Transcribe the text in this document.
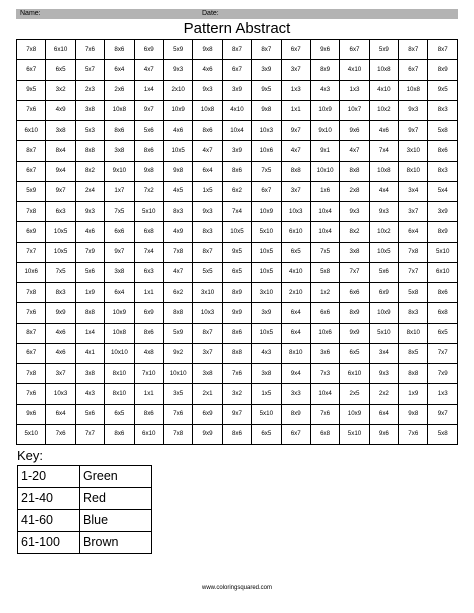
Name:	Date:
Pattern Abstract
7x8	6x10	7x6	8x6	6x9	5x9	9x8	8x7	8x7	6x7	9x6	6x7	5x9	8x7	8x7
6x7	6x5	5x7	6x4	4x7	9x3	4x6	6x7	3x9	3x7	8x9	4x10	10x8	6x7	8x9
9x5	3x2	2x3	2x6	1x4	2x10	9x3	3x9	9x5	1x3	4x3	1x3	4x10	10x8	9x5
7x6	4x9	3x8	10x8	9x7	10x9	10x8	4x10	9x8	1x1	10x9	10x7	10x2	9x3	8x3
6x10	3x8	5x3	8x6	5x6	4x6	8x6	10x4	10x3	9x7	9x10	9x6	4x6	9x7	5x8
8x7	8x4	8x8	3x8	8x6	10x5	4x7	3x9	10x6	4x7	9x1	4x7	7x4	3x10	8x6
6x7	9x4	8x2	9x10	9x8	9x8	6x4	8x6	7x5	8x8	10x10	8x8	10x8	8x10	8x3
5x9	9x7	2x4	1x7	7x2	4x5	1x5	6x2	6x7	3x7	1x6	2x8	4x4	3x4	5x4
7x8	6x3	9x3	7x5	5x10	8x3	9x3	7x4	10x9	10x3	10x4	9x3	9x3	3x7	3x9
6x9	10x5	4x6	6x6	6x8	4x9	8x3	10x5	5x10	6x10	10x4	8x2	10x2	6x4	8x9
7x7	10x5	7x9	9x7	7x4	7x8	8x7	9x5	10x5	6x5	7x5	3x8	10x5	7x8	5x10
10x6	7x5	5x6	3x8	6x3	4x7	5x5	6x5	10x5	4x10	5x8	7x7	5x6	7x7	6x10
7x8	8x3	1x9	6x4	1x1	6x2	3x10	8x9	3x10	2x10	1x2	6x6	6x9	5x8	8x6
7x6	9x9	8x8	10x9	6x9	8x8	10x3	9x9	3x9	6x4	6x6	8x9	10x9	8x3	6x8
8x7	4x6	1x4	10x8	8x6	5x9	8x7	8x6	10x5	6x4	10x6	9x9	5x10	8x10	6x5
6x7	4x6	4x1	10x10	4x8	9x2	3x7	8x8	4x3	8x10	3x6	6x5	3x4	8x5	7x7
7x8	3x7	3x8	8x10	7x10	10x10	3x8	7x6	3x8	9x4	7x3	6x10	9x3	8x8	7x9
7x6	10x3	4x3	8x10	1x1	3x5	2x1	3x2	1x5	3x3	10x4	2x5	2x2	1x9	1x3
9x6	6x4	5x6	6x5	8x6	7x6	6x9	9x7	5x10	8x9	7x6	10x9	6x4	9x8	9x7
5x10	7x6	7x7	8x6	6x10	7x8	9x9	8x6	6x5	6x7	6x8	5x10	9x6	7x6	5x8
Key:
1-20	Green
21-40	Red
41-60	Blue
61-100	Brown
www.coloringsquared.com
